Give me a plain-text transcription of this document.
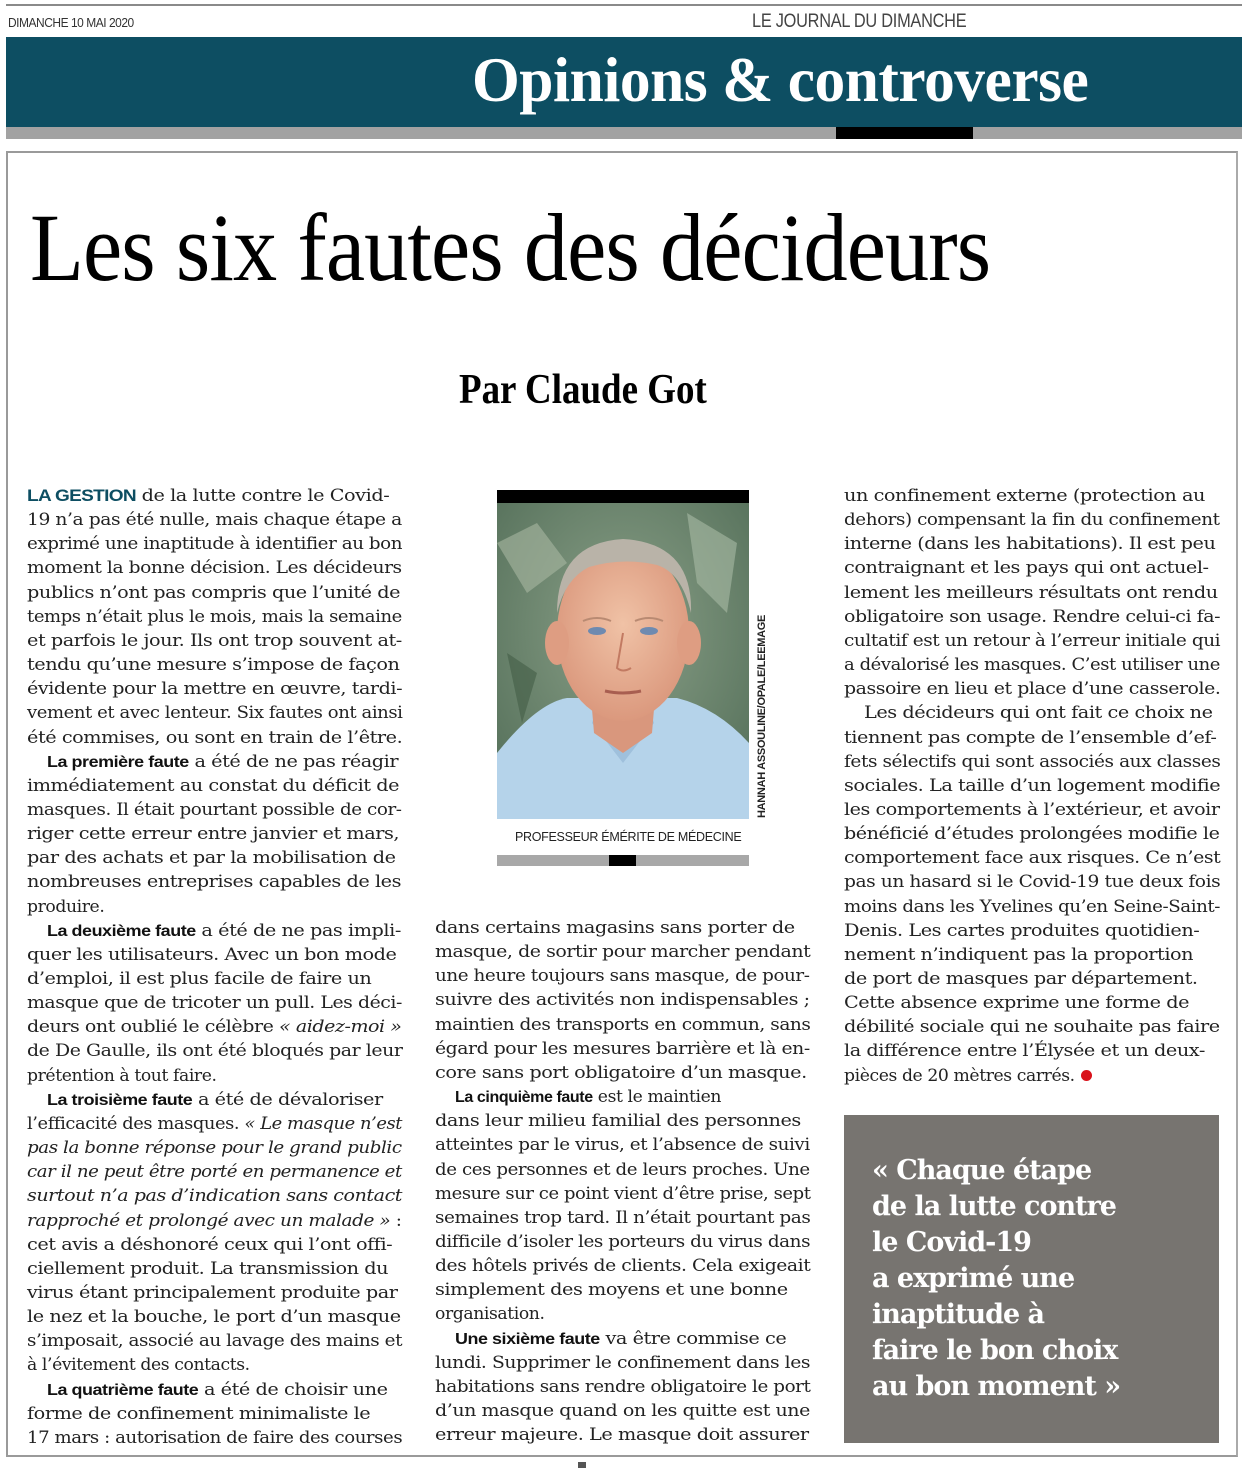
DIMANCHE 10 MAI 2020	LE JOURNAL DU DIMANCHE
Opinions & controverse
Les six fautes des décideurs
Par Claude Got
LA GESTION de la lutte contre le Covid-
19 n’a pas été nulle, mais chaque étape a
exprimé une inaptitude à identifier au bon
moment la bonne décision. Les décideurs
publics n’ont pas compris que l’unité de
temps n’était plus le mois, mais la semaine
et parfois le jour. Ils ont trop souvent at-
tendu qu’une mesure s’impose de façon
évidente pour la mettre en œuvre, tardi-
vement et avec lenteur. Six fautes ont ainsi
été commises, ou sont en train de l’être.
La première faute a été de ne pas réagir
immédiatement au constat du déficit de
masques. Il était pourtant possible de cor-
riger cette erreur entre janvier et mars,
par des achats et par la mobilisation de
nombreuses entreprises capables de les
produire.
La deuxième faute a été de ne pas impli-
quer les utilisateurs. Avec un bon mode
d’emploi, il est plus facile de faire un
masque que de tricoter un pull. Les déci-
deurs ont oublié le célèbre « aidez-moi »
de De Gaulle, ils ont été bloqués par leur
prétention à tout faire.
La troisième faute a été de dévaloriser
l’efficacité des masques. « Le masque n’est
pas la bonne réponse pour le grand public
car il ne peut être porté en permanence et
surtout n’a pas d’indication sans contact
rapproché et prolongé avec un malade » :
cet avis a déshonoré ceux qui l’ont offi-
ciellement produit. La transmission du
virus étant principalement produite par
le nez et la bouche, le port d’un masque
s’imposait, associé au lavage des mains et
à l’évitement des contacts.
La quatrième faute a été de choisir une
forme de confinement minimaliste le
17 mars : autorisation de faire des courses
dans certains magasins sans porter de
masque, de sortir pour marcher pendant
une heure toujours sans masque, de pour-
suivre des activités non indispensables ;
maintien des transports en commun, sans
égard pour les mesures barrière et là en-
core sans port obligatoire d’un masque.
La cinquième faute est le maintien
dans leur milieu familial des personnes
atteintes par le virus, et l’absence de suivi
de ces personnes et de leurs proches. Une
mesure sur ce point vient d’être prise, sept
semaines trop tard. Il n’était pourtant pas
difficile d’isoler les porteurs du virus dans
des hôtels privés de clients. Cela exigeait
simplement des moyens et une bonne
organisation.
Une sixième faute va être commise ce
lundi. Supprimer le confinement dans les
habitations sans rendre obligatoire le port
d’un masque quand on les quitte est une
erreur majeure. Le masque doit assurer
un confinement externe (protection au
dehors) compensant la fin du confinement
interne (dans les habitations). Il est peu
contraignant et les pays qui ont actuel-
lement les meilleurs résultats ont rendu
obligatoire son usage. Rendre celui-ci fa-
cultatif est un retour à l’erreur initiale qui
a dévalorisé les masques. C’est utiliser une
passoire en lieu et place d’une casserole.
Les décideurs qui ont fait ce choix ne
tiennent pas compte de l’ensemble d’ef-
fets sélectifs qui sont associés aux classes
sociales. La taille d’un logement modifie
les comportements à l’extérieur, et avoir
bénéficié d’études prolongées modifie le
comportement face aux risques. Ce n’est
pas un hasard si le Covid-19 tue deux fois
moins dans les Yvelines qu’en Seine-Saint-
Denis. Les cartes produites quotidien-
nement n’indiquent pas la proportion
de port de masques par département.
Cette absence exprime une forme de
débilité sociale qui ne souhaite pas faire
la différence entre l’Élysée et un deux-
pièces de 20 mètres carrés.
HANNAH ASSOULINE/OPALE/LEEMAGE
PROFESSEUR ÉMÉRITE DE MÉDECINE
« Chaque étape
de la lutte contre
le Covid-19
a exprimé une
inaptitude à
faire le bon choix
au bon moment »
